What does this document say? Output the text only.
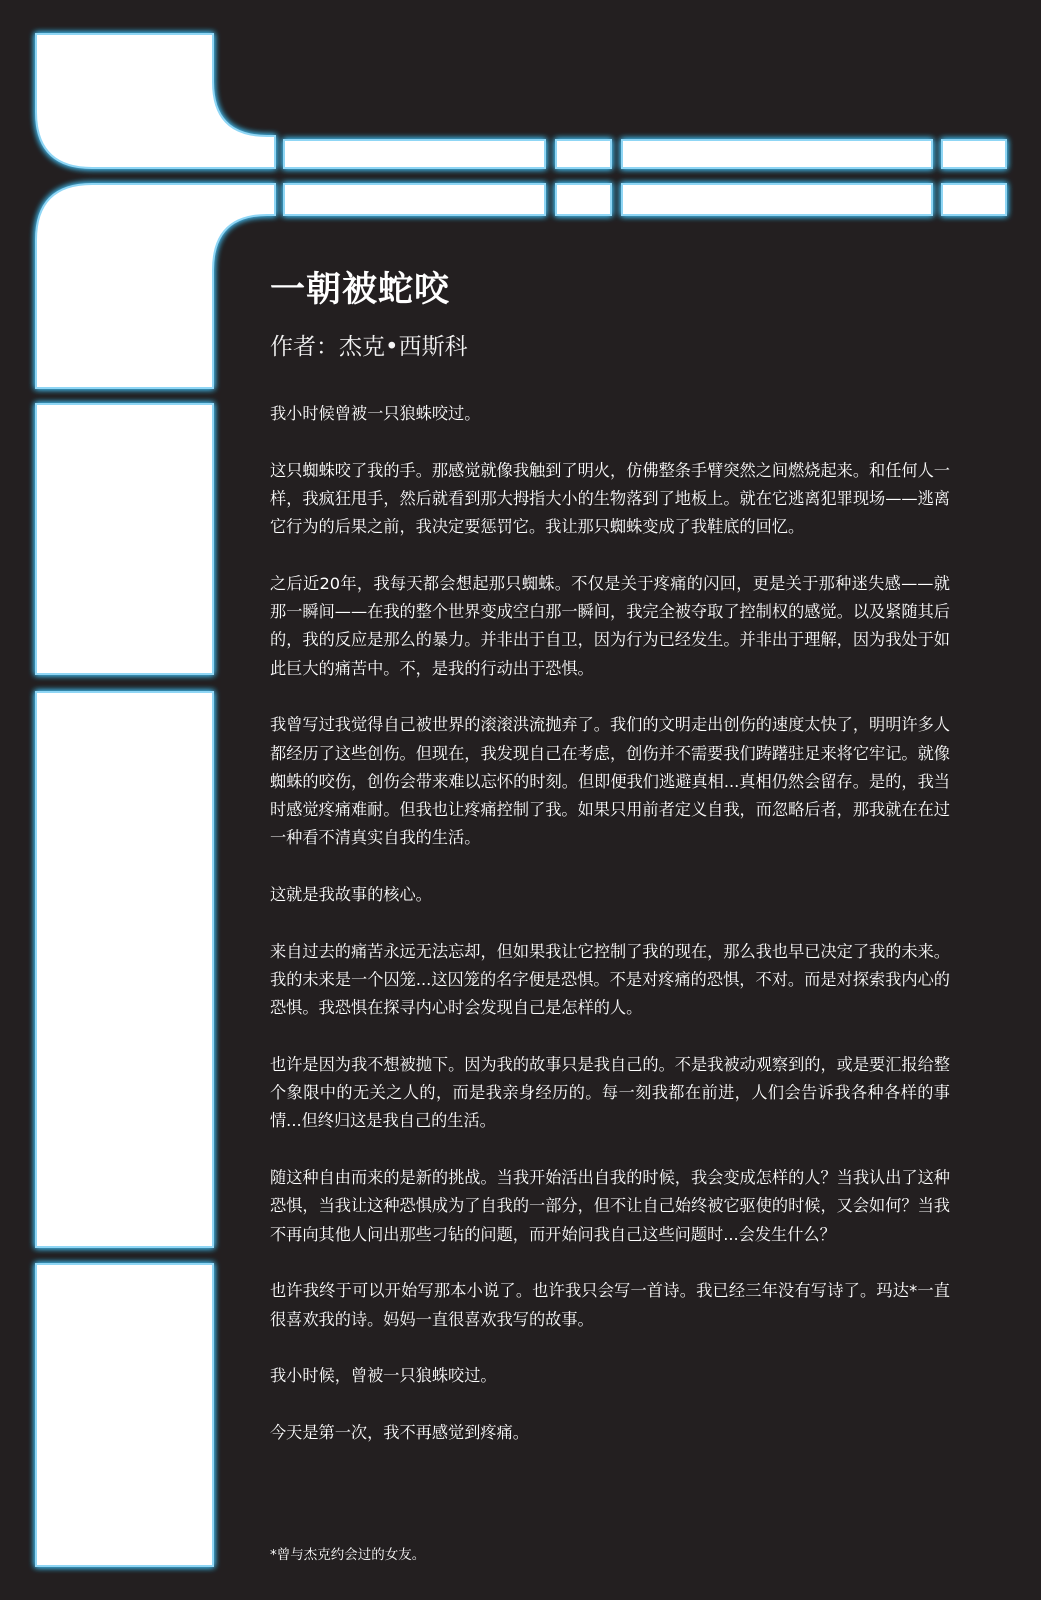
一朝被蛇咬
作者：杰克•西斯科

我小时候曾被一只狼蛛咬过。

这只蜘蛛咬了我的手。那感觉就像我触到了明火，仿佛整条手臂突然之间燃烧起来。和任何人一样，我疯狂甩手，然后就看到那大拇指大小的生物落到了地板上。就在它逃离犯罪现场——逃离它行为的后果之前，我决定要惩罚它。我让那只蜘蛛变成了我鞋底的回忆。

之后近20年，我每天都会想起那只蜘蛛。不仅是关于疼痛的闪回，更是关于那种迷失感——就那一瞬间——在我的整个世界变成空白那一瞬间，我完全被夺取了控制权的感觉。以及紧随其后的，我的反应是那么的暴力。并非出于自卫，因为行为已经发生。并非出于理解，因为我处于如此巨大的痛苦中。不，是我的行动出于恐惧。

我曾写过我觉得自己被世界的滚滚洪流抛弃了。我们的文明走出创伤的速度太快了，明明许多人都经历了这些创伤。但现在，我发现自己在考虑，创伤并不需要我们踌躇驻足来将它牢记。就像蜘蛛的咬伤，创伤会带来难以忘怀的时刻。但即便我们逃避真相...真相仍然会留存。是的，我当时感觉疼痛难耐。但我也让疼痛控制了我。如果只用前者定义自我，而忽略后者，那我就在在过一种看不清真实自我的生活。

这就是我故事的核心。

来自过去的痛苦永远无法忘却，但如果我让它控制了我的现在，那么我也早已决定了我的未来。我的未来是一个囚笼...这囚笼的名字便是恐惧。不是对疼痛的恐惧，不对。而是对探索我内心的恐惧。我恐惧在探寻内心时会发现自己是怎样的人。

也许是因为我不想被抛下。因为我的故事只是我自己的。不是我被动观察到的，或是要汇报给整个象限中的无关之人的，而是我亲身经历的。每一刻我都在前进，人们会告诉我各种各样的事情...但终归这是我自己的生活。

随这种自由而来的是新的挑战。当我开始活出自我的时候，我会变成怎样的人？当我认出了这种恐惧，当我让这种恐惧成为了自我的一部分，但不让自己始终被它驱使的时候，又会如何？当我不再向其他人问出那些刁钻的问题，而开始问我自己这些问题时...会发生什么？

也许我终于可以开始写那本小说了。也许我只会写一首诗。我已经三年没有写诗了。玛达*一直很喜欢我的诗。妈妈一直很喜欢我写的故事。

我小时候，曾被一只狼蛛咬过。

今天是第一次，我不再感觉到疼痛。

*曾与杰克约会过的女友。
